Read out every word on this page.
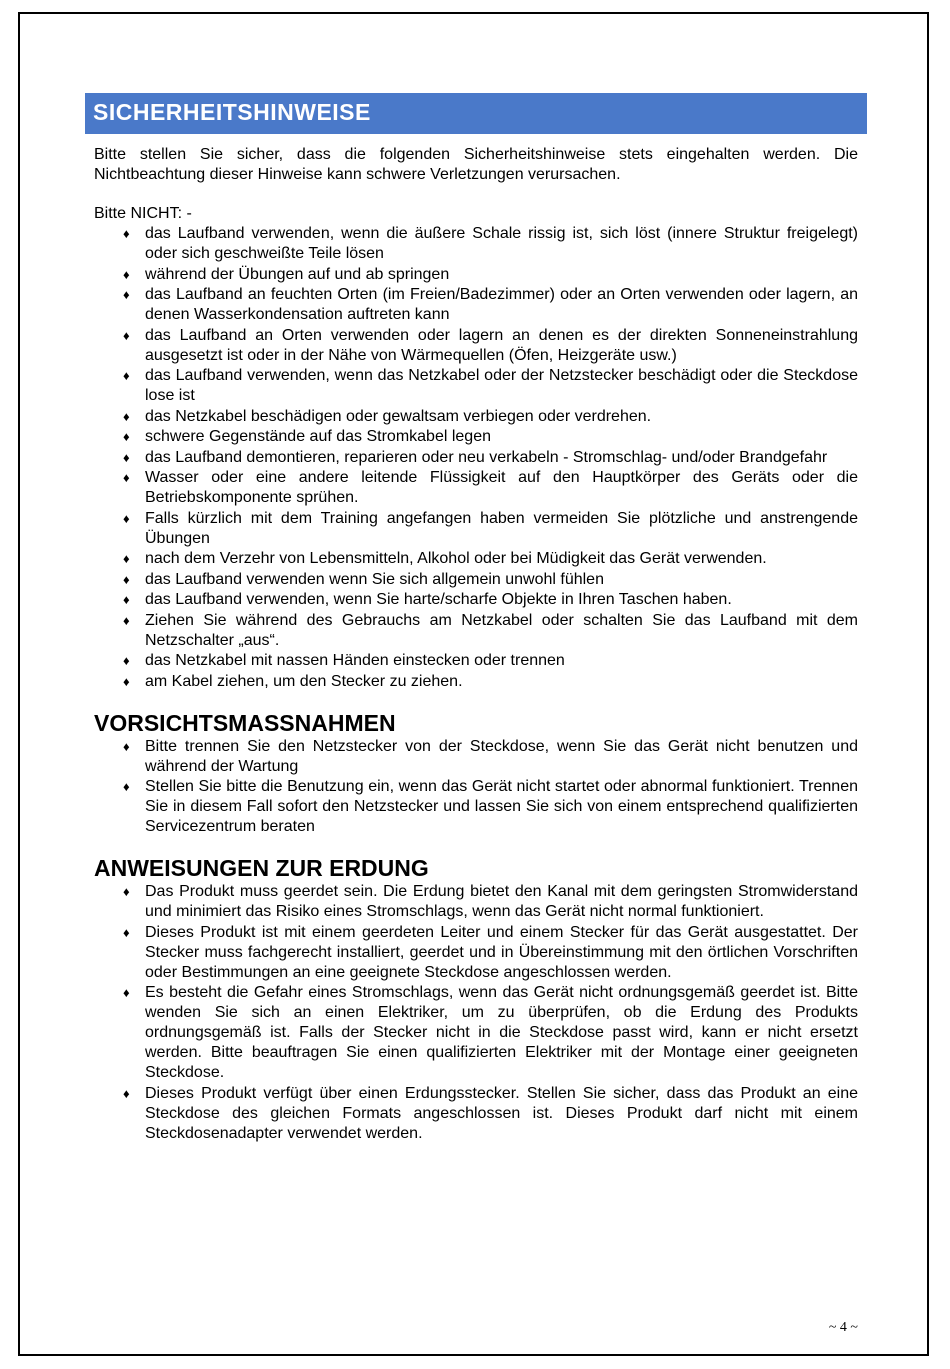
SICHERHEITSHINWEISE
Bitte stellen Sie sicher, dass die folgenden Sicherheitshinweise stets eingehalten werden. Die Nichtbeachtung dieser Hinweise kann schwere Verletzungen verursachen.
Bitte NICHT: -
♦ das Laufband verwenden, wenn die äußere Schale rissig ist, sich löst (innere Struktur freigelegt) oder sich geschweißte Teile lösen
♦ während der Übungen auf und ab springen
♦ das Laufband an feuchten Orten (im Freien/Badezimmer) oder an Orten verwenden oder lagern, an denen Wasserkondensation auftreten kann
♦ das Laufband an Orten verwenden oder lagern an denen es der direkten Sonneneinstrahlung ausgesetzt ist oder in der Nähe von Wärmequellen (Öfen, Heizgeräte usw.)
♦ das Laufband verwenden, wenn das Netzkabel oder der Netzstecker beschädigt oder die Steckdose lose ist
♦ das Netzkabel beschädigen oder gewaltsam verbiegen oder verdrehen.
♦ schwere Gegenstände auf das Stromkabel legen
♦ das Laufband demontieren, reparieren oder neu verkabeln - Stromschlag- und/oder Brandgefahr
♦ Wasser oder eine andere leitende Flüssigkeit auf den Hauptkörper des Geräts oder die Betriebskomponente sprühen.
♦ Falls kürzlich mit dem Training angefangen haben vermeiden Sie plötzliche und anstrengende Übungen
♦ nach dem Verzehr von Lebensmitteln, Alkohol oder bei Müdigkeit das Gerät verwenden.
♦ das Laufband verwenden wenn Sie sich allgemein unwohl fühlen
♦ das Laufband verwenden, wenn Sie harte/scharfe Objekte in Ihren Taschen haben.
♦ Ziehen Sie während des Gebrauchs am Netzkabel oder schalten Sie das Laufband mit dem Netzschalter „aus“.
♦ das Netzkabel mit nassen Händen einstecken oder trennen
♦ am Kabel ziehen, um den Stecker zu ziehen.
VORSICHTSMASSNAHMEN
♦ Bitte trennen Sie den Netzstecker von der Steckdose, wenn Sie das Gerät nicht benutzen und während der Wartung
♦ Stellen Sie bitte die Benutzung ein, wenn das Gerät nicht startet oder abnormal funktioniert. Trennen Sie in diesem Fall sofort den Netzstecker und lassen Sie sich von einem entsprechend qualifizierten Servicezentrum beraten
ANWEISUNGEN ZUR ERDUNG
♦ Das Produkt muss geerdet sein. Die Erdung bietet den Kanal mit dem geringsten Stromwiderstand und minimiert das Risiko eines Stromschlags, wenn das Gerät nicht normal funktioniert.
♦ Dieses Produkt ist mit einem geerdeten Leiter und einem Stecker für das Gerät ausgestattet. Der Stecker muss fachgerecht installiert, geerdet und in Übereinstimmung mit den örtlichen Vorschriften oder Bestimmungen an eine geeignete Steckdose angeschlossen werden.
♦ Es besteht die Gefahr eines Stromschlags, wenn das Gerät nicht ordnungsgemäß geerdet ist. Bitte wenden Sie sich an einen Elektriker, um zu überprüfen, ob die Erdung des Produkts ordnungsgemäß ist. Falls der Stecker nicht in die Steckdose passt wird, kann er nicht ersetzt werden. Bitte beauftragen Sie einen qualifizierten Elektriker mit der Montage einer geeigneten Steckdose.
♦ Dieses Produkt verfügt über einen Erdungsstecker. Stellen Sie sicher, dass das Produkt an eine Steckdose des gleichen Formats angeschlossen ist. Dieses Produkt darf nicht mit einem Steckdosenadapter verwendet werden.
~ 4 ~
